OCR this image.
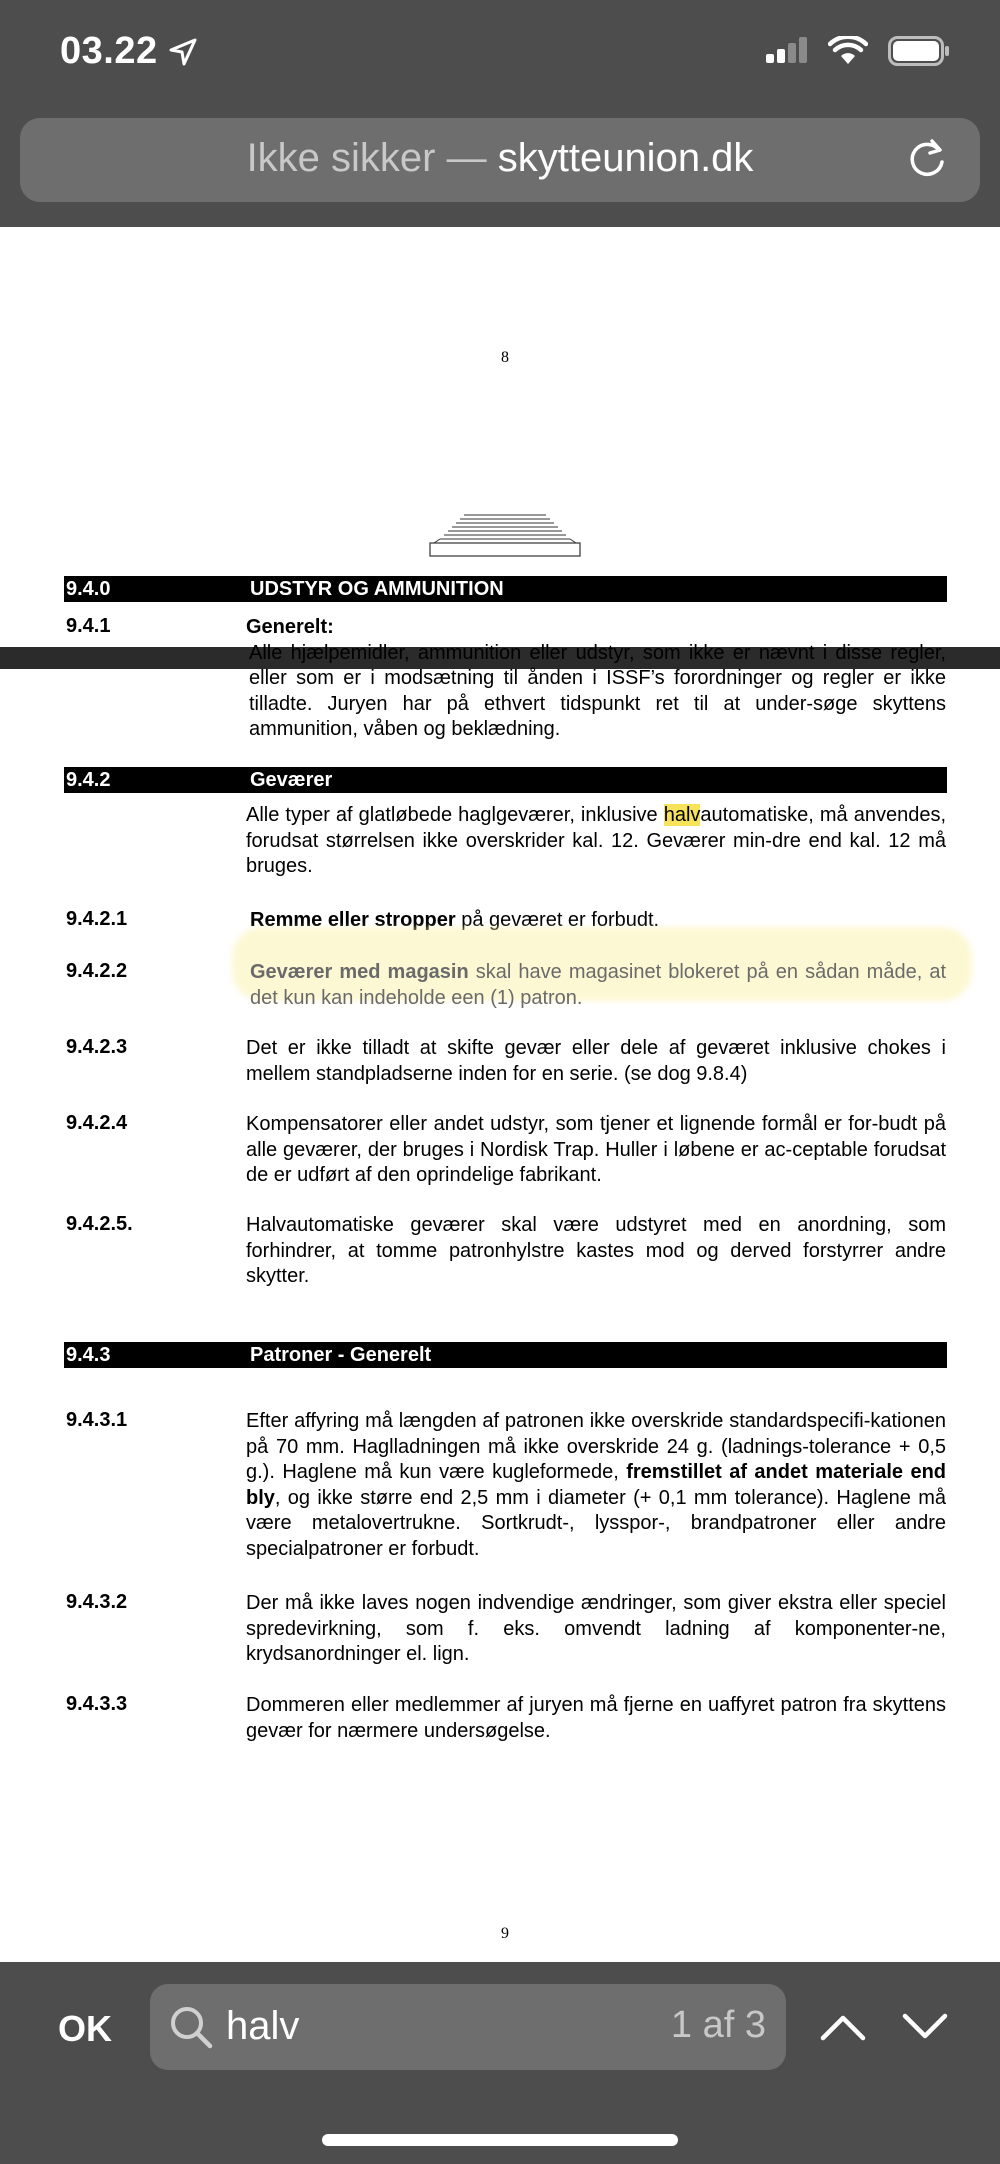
03.22
Ikke sikker — skytteunion.dk
8
9.4.0	UDSTYR OG AMMUNITION
9.4.1	Generelt:
Alle hjælpemidler, ammunition eller udstyr, som ikke er nævnt i disse regler, eller som er i modsætning til ånden i ISSF’s forordninger og regler er ikke tilladte. Juryen har på ethvert tidspunkt ret til at under-søge skyttens ammunition, våben og beklædning.
9.4.2	Geværer
Alle typer af glatløbede haglgeværer, inklusive halvautomatiske, må anvendes, forudsat størrelsen ikke overskrider kal. 12. Geværer min-dre end kal. 12 må bruges.
9.4.2.1	Remme eller stropper på geværet er forbudt.
9.4.2.2	Geværer med magasin skal have magasinet blokeret på en sådan måde, at det kun kan indeholde een (1) patron.
9.4.2.3	Det er ikke tilladt at skifte gevær eller dele af geværet inklusive chokes i mellem standpladserne inden for en serie. (se dog 9.8.4)
9.4.2.4	Kompensatorer eller andet udstyr, som tjener et lignende formål er for-budt på alle geværer, der bruges i Nordisk Trap. Huller i løbene er ac-ceptable forudsat de er udført af den oprindelige fabrikant.
9.4.2.5.	Halvautomatiske geværer skal være udstyret med en anordning, som forhindrer, at tomme patronhylstre kastes mod og derved forstyrrer andre skytter.
9.4.3	Patroner - Generelt
9.4.3.1	Efter affyring må længden af patronen ikke overskride standardspecifi-kationen på 70 mm. Haglladningen må ikke overskride 24 g. (ladnings-tolerance + 0,5 g.). Haglene må kun være kugleformede, fremstillet af andet materiale end bly, og ikke større end 2,5 mm i diameter (+ 0,1 mm tolerance). Haglene må være metalovertrukne. Sortkrudt-, lysspor-, brandpatroner eller andre specialpatroner er forbudt.
9.4.3.2	Der må ikke laves nogen indvendige ændringer, som giver ekstra eller speciel spredevirkning, som f. eks. omvendt ladning af komponenter-ne, krydsanordninger el. lign.
9.4.3.3	Dommeren eller medlemmer af juryen må fjerne en uaffyret patron fra skyttens gevær for nærmere undersøgelse.
9
OK	halv	1 af 3
